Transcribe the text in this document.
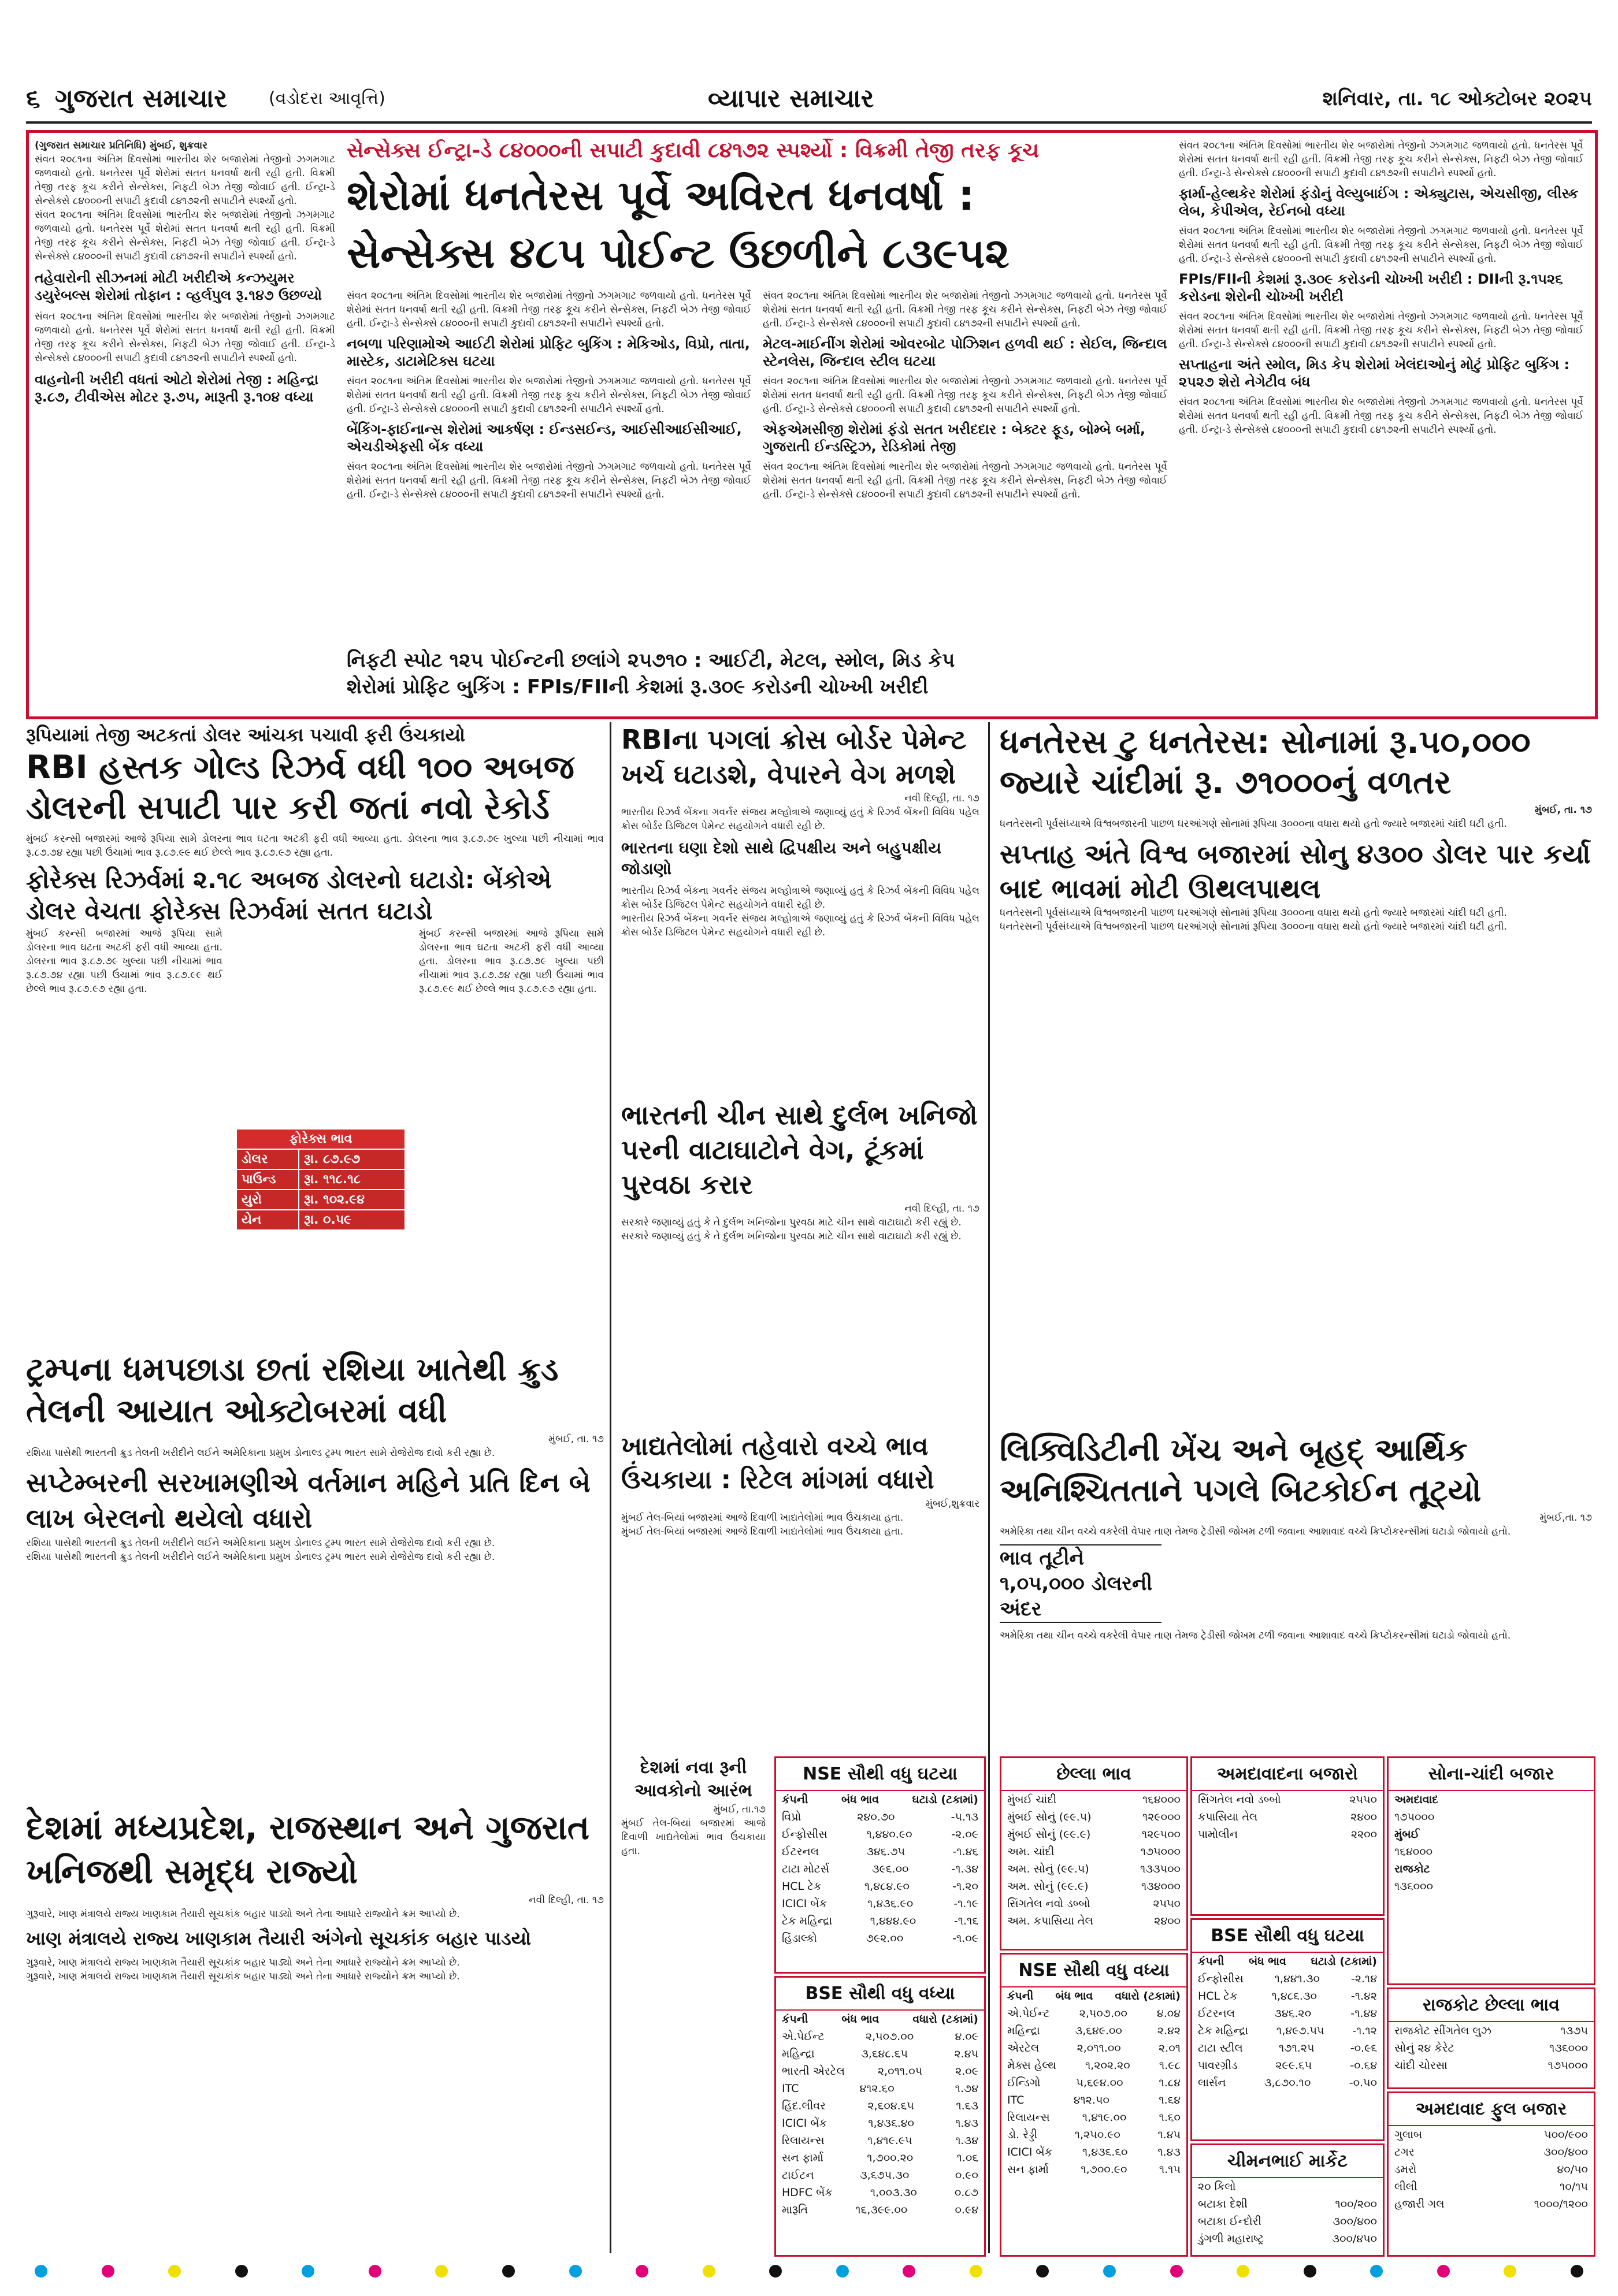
૬ ગુજરાત સમાચાર (વડોદરા આવૃત્તિ)	વ્યાપાર સમાચાર	શનિવાર, તા. ૧૮ ઓક્ટોબર ૨૦૨૫
(ગુજરાત સમાચાર પ્રતિનિધિ) મુંબઈ, શુક્રવાર
સંવત ૨૦૮૧ના અંતિમ દિવસોમાં ભારતીય શેર બજારોમાં તેજીનો ઝગમગાટ જળવાયો હતો. ધનતેરસ પૂર્વે શેરોમાં સતત ધનવર્ષા થતી રહી હતી. વિક્રમી તેજી તરફ કૂચ કરીને સેન્સેક્સ, નિફટી બેઝ તેજી જોવાઈ હતી. ઈન્ટ્રા-ડે સેન્સેક્સે ૮૪૦૦૦ની સપાટી કુદાવી ૮૪૧૭૨ની સપાટીને સ્પર્શ્યો હતો.
સંવત ૨૦૮૧ના અંતિમ દિવસોમાં ભારતીય શેર બજારોમાં તેજીનો ઝગમગાટ જળવાયો હતો. ધનતેરસ પૂર્વે શેરોમાં સતત ધનવર્ષા થતી રહી હતી. વિક્રમી તેજી તરફ કૂચ કરીને સેન્સેક્સ, નિફટી બેઝ તેજી જોવાઈ હતી. ઈન્ટ્રા-ડે સેન્સેક્સે ૮૪૦૦૦ની સપાટી કુદાવી ૮૪૧૭૨ની સપાટીને સ્પર્શ્યો હતો.
તહેવારોની સીઝનમાં મોટી ખરીદીએ કન્ઝયુમર ડયુરેબલ્સ શેરોમાં તોફાન : વ્હર્લપુલ રૂ.૧૪૭ ઉછળ્યો
સંવત ૨૦૮૧ના અંતિમ દિવસોમાં ભારતીય શેર બજારોમાં તેજીનો ઝગમગાટ જળવાયો હતો. ધનતેરસ પૂર્વે શેરોમાં સતત ધનવર્ષા થતી રહી હતી. વિક્રમી તેજી તરફ કૂચ કરીને સેન્સેક્સ, નિફટી બેઝ તેજી જોવાઈ હતી. ઈન્ટ્રા-ડે સેન્સેક્સે ૮૪૦૦૦ની સપાટી કુદાવી ૮૪૧૭૨ની સપાટીને સ્પર્શ્યો હતો.
વાહનોની ખરીદી વધતાં ઓટો શેરોમાં તેજી : મહિન્દ્રા રૂ.૮૭, ટીવીએસ મોટર રૂ.૭૫, મારૂતી રૂ.૧૦૪ વધ્યા
સેન્સેક્સ ઈન્ટ્રા-ડે ૮૪૦૦૦ની સપાટી કુદાવી ૮૪૧૭૨ સ્પર્શ્યો : વિક્રમી તેજી તરફ કૂચ
શેરોમાં ધનતેરસ પૂર્વે અવિરત ધનવર્ષા :
સેન્સેક્સ ૪૮૫ પોઈન્ટ ઉછળીને ૮૩૯૫૨
સંવત ૨૦૮૧ના અંતિમ દિવસોમાં ભારતીય શેર બજારોમાં તેજીનો ઝગમગાટ જળવાયો હતો. ધનતેરસ પૂર્વે શેરોમાં સતત ધનવર્ષા થતી રહી હતી. વિક્રમી તેજી તરફ કૂચ કરીને સેન્સેક્સ, નિફટી બેઝ તેજી જોવાઈ હતી. ઈન્ટ્રા-ડે સેન્સેક્સે ૮૪૦૦૦ની સપાટી કુદાવી ૮૪૧૭૨ની સપાટીને સ્પર્શ્યો હતો.
નબળા પરિણામોએ આઈટી શેરોમાં પ્રોફિટ બુકિંગ : મેકિઓડ, વિપ્રો, તાતા, માસ્ટેક, ડાટામેટિક્સ ઘટયા
સંવત ૨૦૮૧ના અંતિમ દિવસોમાં ભારતીય શેર બજારોમાં તેજીનો ઝગમગાટ જળવાયો હતો. ધનતેરસ પૂર્વે શેરોમાં સતત ધનવર્ષા થતી રહી હતી. વિક્રમી તેજી તરફ કૂચ કરીને સેન્સેક્સ, નિફટી બેઝ તેજી જોવાઈ હતી. ઈન્ટ્રા-ડે સેન્સેક્સે ૮૪૦૦૦ની સપાટી કુદાવી ૮૪૧૭૨ની સપાટીને સ્પર્શ્યો હતો.
બેંકિંગ-ફાઈનાન્સ શેરોમાં આકર્ષણ : ઈન્ડસઈન્ડ, આઈસીઆઈસીઆઈ, એચડીએફસી બેંક વધ્યા
સંવત ૨૦૮૧ના અંતિમ દિવસોમાં ભારતીય શેર બજારોમાં તેજીનો ઝગમગાટ જળવાયો હતો. ધનતેરસ પૂર્વે શેરોમાં સતત ધનવર્ષા થતી રહી હતી. વિક્રમી તેજી તરફ કૂચ કરીને સેન્સેક્સ, નિફટી બેઝ તેજી જોવાઈ હતી. ઈન્ટ્રા-ડે સેન્સેક્સે ૮૪૦૦૦ની સપાટી કુદાવી ૮૪૧૭૨ની સપાટીને સ્પર્શ્યો હતો.
સંવત ૨૦૮૧ના અંતિમ દિવસોમાં ભારતીય શેર બજારોમાં તેજીનો ઝગમગાટ જળવાયો હતો. ધનતેરસ પૂર્વે શેરોમાં સતત ધનવર્ષા થતી રહી હતી. વિક્રમી તેજી તરફ કૂચ કરીને સેન્સેક્સ, નિફટી બેઝ તેજી જોવાઈ હતી. ઈન્ટ્રા-ડે સેન્સેક્સે ૮૪૦૦૦ની સપાટી કુદાવી ૮૪૧૭૨ની સપાટીને સ્પર્શ્યો હતો.
મેટલ-માઈનીંગ શેરોમાં ઓવરબોટ પોઝિશન હળવી થઈ : સેઈલ, જિન્દાલ સ્ટેનલેસ, જિન્દાલ સ્ટીલ ઘટયા
સંવત ૨૦૮૧ના અંતિમ દિવસોમાં ભારતીય શેર બજારોમાં તેજીનો ઝગમગાટ જળવાયો હતો. ધનતેરસ પૂર્વે શેરોમાં સતત ધનવર્ષા થતી રહી હતી. વિક્રમી તેજી તરફ કૂચ કરીને સેન્સેક્સ, નિફટી બેઝ તેજી જોવાઈ હતી. ઈન્ટ્રા-ડે સેન્સેક્સે ૮૪૦૦૦ની સપાટી કુદાવી ૮૪૧૭૨ની સપાટીને સ્પર્શ્યો હતો.
એફએમસીજી શેરોમાં ફંડો સતત ખરીદદાર : બેક્ટર ફૂડ, બોમ્બે બર્મા, ગુજરાતી ઈન્ડસ્ટ્રિઝ, રેડિકોમાં તેજી
સંવત ૨૦૮૧ના અંતિમ દિવસોમાં ભારતીય શેર બજારોમાં તેજીનો ઝગમગાટ જળવાયો હતો. ધનતેરસ પૂર્વે શેરોમાં સતત ધનવર્ષા થતી રહી હતી. વિક્રમી તેજી તરફ કૂચ કરીને સેન્સેક્સ, નિફટી બેઝ તેજી જોવાઈ હતી. ઈન્ટ્રા-ડે સેન્સેક્સે ૮૪૦૦૦ની સપાટી કુદાવી ૮૪૧૭૨ની સપાટીને સ્પર્શ્યો હતો.
નિફટી સ્પોટ ૧૨૫ પોઈન્ટની છલાંગે ૨૫૭૧૦ : આઈટી, મેટલ, સ્મોલ, મિડ કેપ
શેરોમાં પ્રોફિટ બુકિંગ : FPIs/FIIની કેશમાં રૂ.૩૦૯ કરોડની ચોખ્ખી ખરીદી
સંવત ૨૦૮૧ના અંતિમ દિવસોમાં ભારતીય શેર બજારોમાં તેજીનો ઝગમગાટ જળવાયો હતો. ધનતેરસ પૂર્વે શેરોમાં સતત ધનવર્ષા થતી રહી હતી. વિક્રમી તેજી તરફ કૂચ કરીને સેન્સેક્સ, નિફટી બેઝ તેજી જોવાઈ હતી. ઈન્ટ્રા-ડે સેન્સેક્સે ૮૪૦૦૦ની સપાટી કુદાવી ૮૪૧૭૨ની સપાટીને સ્પર્શ્યો હતો.
ફાર્મા-હેલ્થકેર શેરોમાં ફંડોનું વેલ્યુબાઈંગ : એક્યુટાસ, એચસીજી, લીસ્ક લેબ, કેપીએલ, રેઈનબો વધ્યા
સંવત ૨૦૮૧ના અંતિમ દિવસોમાં ભારતીય શેર બજારોમાં તેજીનો ઝગમગાટ જળવાયો હતો. ધનતેરસ પૂર્વે શેરોમાં સતત ધનવર્ષા થતી રહી હતી. વિક્રમી તેજી તરફ કૂચ કરીને સેન્સેક્સ, નિફટી બેઝ તેજી જોવાઈ હતી. ઈન્ટ્રા-ડે સેન્સેક્સે ૮૪૦૦૦ની સપાટી કુદાવી ૮૪૧૭૨ની સપાટીને સ્પર્શ્યો હતો.
FPIs/FIIની કેશમાં રૂ.૩૦૯ કરોડની ચોખ્ખી ખરીદી : DIIની રૂ.૧૫૨૬ કરોડના શેરોની ચોખ્ખી ખરીદી
સંવત ૨૦૮૧ના અંતિમ દિવસોમાં ભારતીય શેર બજારોમાં તેજીનો ઝગમગાટ જળવાયો હતો. ધનતેરસ પૂર્વે શેરોમાં સતત ધનવર્ષા થતી રહી હતી. વિક્રમી તેજી તરફ કૂચ કરીને સેન્સેક્સ, નિફટી બેઝ તેજી જોવાઈ હતી. ઈન્ટ્રા-ડે સેન્સેક્સે ૮૪૦૦૦ની સપાટી કુદાવી ૮૪૧૭૨ની સપાટીને સ્પર્શ્યો હતો.
સપ્તાહના અંતે સ્મોલ, મિડ કેપ શેરોમાં ખેલંદાઓનું મોટું પ્રોફિટ બુકિંગ : ૨૫૨૭ શેરો નેગેટીવ બંધ
સંવત ૨૦૮૧ના અંતિમ દિવસોમાં ભારતીય શેર બજારોમાં તેજીનો ઝગમગાટ જળવાયો હતો. ધનતેરસ પૂર્વે શેરોમાં સતત ધનવર્ષા થતી રહી હતી. વિક્રમી તેજી તરફ કૂચ કરીને સેન્સેક્સ, નિફટી બેઝ તેજી જોવાઈ હતી. ઈન્ટ્રા-ડે સેન્સેક્સે ૮૪૦૦૦ની સપાટી કુદાવી ૮૪૧૭૨ની સપાટીને સ્પર્શ્યો હતો.
રૂપિયામાં તેજી અટકતાં ડોલર આંચકા પચાવી ફરી ઉંચકાયો
RBI હસ્તક ગોલ્ડ રિઝર્વ વધી ૧૦૦ અબજ ડોલરની સપાટી પાર કરી જતાં નવો રેકોર્ડ
મુંબઈ કરન્સી બજારમાં આજે રૂપિયા સામે ડોલરના ભાવ ઘટતા અટકી ફરી વધી આવ્યા હતા. ડોલરના ભાવ રૂ.૮૭.૭૯ ખુલ્યા પછી નીચામાં ભાવ રૂ.૮૭.૭૪ રહ્યા પછી ઉંચામાં ભાવ રૂ.૮૭.૯૯ થઈ છેલ્લે ભાવ રૂ.૮૭.૯૭ રહ્યા હતા.
ફોરેક્સ રિઝર્વમાં ૨.૧૮ અબજ ડોલરનો ઘટાડો: બેંકોએ ડોલર વેચતા ફોરેક્સ રિઝર્વમાં સતત ઘટાડો
મુંબઈ કરન્સી બજારમાં આજે રૂપિયા સામે ડોલરના ભાવ ઘટતા અટકી ફરી વધી આવ્યા હતા. ડોલરના ભાવ રૂ.૮૭.૭૯ ખુલ્યા પછી નીચામાં ભાવ રૂ.૮૭.૭૪ રહ્યા પછી ઉંચામાં ભાવ રૂ.૮૭.૯૯ થઈ છેલ્લે ભાવ રૂ.૮૭.૯૭ રહ્યા હતા.
મુંબઈ કરન્સી બજારમાં આજે રૂપિયા સામે ડોલરના ભાવ ઘટતા અટકી ફરી વધી આવ્યા હતા. ડોલરના ભાવ રૂ.૮૭.૭૯ ખુલ્યા પછી નીચામાં ભાવ રૂ.૮૭.૭૪ રહ્યા પછી ઉંચામાં ભાવ રૂ.૮૭.૯૯ થઈ છેલ્લે ભાવ રૂ.૮૭.૯૭ રહ્યા હતા.
ફોરેક્સ ભાવ
ડોલર	રૂા. ૮૭.૯૭
પાઉન્ડ	રૂા. ૧૧૮.૧૮
યુરો	રૂા. ૧૦૨.૯૪
યેન	રૂા. ૦.૫૯
RBIના પગલાં ક્રોસ બોર્ડર પેમેન્ટ ખર્ચ ઘટાડશે, વેપારને વેગ મળશે
નવી દિલ્હી, તા. ૧૭
ભારતીય રિઝર્વ બેંકના ગવર્નર સંજય મલ્હોત્રાએ જણાવ્યું હતું કે રિઝર્વ બેંકની વિવિધ પહેલ ક્રોસ બોર્ડર ડિજિટલ પેમેન્ટ સહયોગને વધારી રહી છે.
ભારતના ઘણા દેશો સાથે દ્વિપક્ષીય અને બહુપક્ષીય જોડાણો
ભારતીય રિઝર્વ બેંકના ગવર્નર સંજય મલ્હોત્રાએ જણાવ્યું હતું કે રિઝર્વ બેંકની વિવિધ પહેલ ક્રોસ બોર્ડર ડિજિટલ પેમેન્ટ સહયોગને વધારી રહી છે.
ભારતીય રિઝર્વ બેંકના ગવર્નર સંજય મલ્હોત્રાએ જણાવ્યું હતું કે રિઝર્વ બેંકની વિવિધ પહેલ ક્રોસ બોર્ડર ડિજિટલ પેમેન્ટ સહયોગને વધારી રહી છે.
ભારતની ચીન સાથે દુર્લભ ખનિજો પરની વાટાઘાટોને વેગ, ટૂંકમાં પુરવઠા કરાર
નવી દિલ્હી, તા. ૧૭
સરકારે જણાવ્યું હતું કે તે દુર્લભ ખનિજોના પુરવઠા માટે ચીન સાથે વાટાઘાટો કરી રહ્યું છે.
સરકારે જણાવ્યું હતું કે તે દુર્લભ ખનિજોના પુરવઠા માટે ચીન સાથે વાટાઘાટો કરી રહ્યું છે.
ધનતેરસ ટુ ધનતેરસ: સોનામાં રૂ.૫૦,૦૦૦ જ્યારે ચાંદીમાં રૂ. ૭૧૦૦૦નું વળતર
મુંબઈ, તા. ૧૭
ધનતેરસની પૂર્વસંધ્યાએ વિશ્વબજારની પાછળ ઘરઆંગણે સોનામાં રૂપિયા ૩૦૦૦ના વધારા થયો હતો જ્યારે બજારમાં ચાંદી ઘટી હતી.
સપ્તાહ અંતે વિશ્વ બજારમાં સોનુ ૪૩૦૦ ડોલર પાર કર્યા બાદ ભાવમાં મોટી ઊથલપાથલ
ધનતેરસની પૂર્વસંધ્યાએ વિશ્વબજારની પાછળ ઘરઆંગણે સોનામાં રૂપિયા ૩૦૦૦ના વધારા થયો હતો જ્યારે બજારમાં ચાંદી ઘટી હતી.
ધનતેરસની પૂર્વસંધ્યાએ વિશ્વબજારની પાછળ ઘરઆંગણે સોનામાં રૂપિયા ૩૦૦૦ના વધારા થયો હતો જ્યારે બજારમાં ચાંદી ઘટી હતી.
ટ્રમ્પના ધમપછાડા છતાં રશિયા ખાતેથી ક્રુડ તેલની આયાત ઓક્ટોબરમાં વધી
મુંબઈ, તા. ૧૭
રશિયા પાસેથી ભારતની ક્રુડ તેલની ખરીદીને લઈને અમેરિકાના પ્રમુખ ડોનાલ્ડ ટ્રમ્પ ભારત સામે રોજેરોજ દાવો કરી રહ્યા છે.
સપ્ટેમ્બરની સરખામણીએ વર્તમાન મહિને પ્રતિ દિન બે લાખ બેરલનો થયેલો વધારો
રશિયા પાસેથી ભારતની ક્રુડ તેલની ખરીદીને લઈને અમેરિકાના પ્રમુખ ડોનાલ્ડ ટ્રમ્પ ભારત સામે રોજેરોજ દાવો કરી રહ્યા છે.
રશિયા પાસેથી ભારતની ક્રુડ તેલની ખરીદીને લઈને અમેરિકાના પ્રમુખ ડોનાલ્ડ ટ્રમ્પ ભારત સામે રોજેરોજ દાવો કરી રહ્યા છે.
ખાદ્યતેલોમાં તહેવારો વચ્ચે ભાવ ઉંચકાયા : રિટેલ માંગમાં વધારો
મુંબઈ,શુક્રવાર
મુંબઈ તેલ-બિયાં બજારમાં આજે દિવાળી ખાદ્યતેલોમાં ભાવ ઉંચકાયા હતા.
મુંબઈ તેલ-બિયાં બજારમાં આજે દિવાળી ખાદ્યતેલોમાં ભાવ ઉંચકાયા હતા.
લિક્વિડિટીની ખેંચ અને બૃહદ્ આર્થિક અનિશ્ચિતતાને પગલે બિટકોઈન તૂટ્યો
મુંબઈ,તા. ૧૭
અમેરિકા તથા ચીન વચ્ચે વકરેલી વેપાર તાણ તેમજ ટ્રેડીસી જોખમ ટળી જવાના આશાવાદ વચ્ચે ક્રિપ્ટોકરન્સીમાં ઘટાડો જોવાયો હતો.
ભાવ તૂટીને ૧,૦૫,૦૦૦ ડોલરની અંદર
અમેરિકા તથા ચીન વચ્ચે વકરેલી વેપાર તાણ તેમજ ટ્રેડીસી જોખમ ટળી જવાના આશાવાદ વચ્ચે ક્રિપ્ટોકરન્સીમાં ઘટાડો જોવાયો હતો.
દેશમાં મધ્યપ્રદેશ, રાજસ્થાન અને ગુજરાત ખનિજથી સમૃદ્ધ રાજ્યો
નવી દિલ્હી, તા. ૧૭
ગુરૂવારે, ખાણ મંત્રાલયે રાજ્ય ખાણકામ તૈયારી સૂચકાંક બહાર પાડ્યો અને તેના આધારે રાજ્યોને ક્રમ આપ્યો છે.
ખાણ મંત્રાલયે રાજ્ય ખાણકામ તૈયારી અંગેનો સૂચકાંક બહાર પાડયો
ગુરૂવારે, ખાણ મંત્રાલયે રાજ્ય ખાણકામ તૈયારી સૂચકાંક બહાર પાડ્યો અને તેના આધારે રાજ્યોને ક્રમ આપ્યો છે.
ગુરૂવારે, ખાણ મંત્રાલયે રાજ્ય ખાણકામ તૈયારી સૂચકાંક બહાર પાડ્યો અને તેના આધારે રાજ્યોને ક્રમ આપ્યો છે.
NSE સૌથી વધુ ઘટયા
કંપની	બંધ ભાવ	ઘટાડો (ટકામાં)
વિપ્રો	૨૪૦.૭૦	-૫.૧૩
ઈન્ફોસીસ	૧,૪૪૦.૯૦	-૨.૦૯
ઈટરનલ	૩૪૬.૭૫	-૧.૪૬
ટાટા મોટર્સ	૩૯૬.૦૦	-૧.૩૪
HCL ટેક	૧,૪૮૪.૯૦	-૧.૨૦
ICICI બેંક	૧,૪૩૬.૯૦	-૧.૧૯
ટેક મહિન્દ્રા	૧,૪૪૪.૯૦	-૧.૧૬
હિંડાલ્કો	૭૯૨.૦૦	-૧.૦૯
દેશમાં નવા રૂની આવકોનો આરંભ
મુંબઈ, તા.૧૭
મુંબઈ તેલ-બિયાં બજારમાં આજે દિવાળી ખાદ્યતેલોમાં ભાવ ઉંચકાયા હતા.
BSE સૌથી વધુ વધ્યા
કંપની	બંધ ભાવ	વધારો (ટકામાં)
એ.પેઈન્ટ	૨,૫૦૭.૦૦	૪.૦૯
મહિન્દ્રા	૩,૬૪૮.૬૫	૨.૪૫
ભારતી એરટેલ	૨,૦૧૧.૦૫	૨.૦૯
ITC	૪૧૨.૬૦	૧.૭૪
હિંદ.લીવર	૨,૬૦૪.૬૫	૧.૬૩
ICICI બેંક	૧,૪૩૬.૪૦	૧.૪૩
રિલાયન્સ	૧,૪૧૯.૯૫	૧.૩૪
સન ફાર્મા	૧,૭૦૦.૨૦	૧.૦૬
ટાઈટન	૩,૬૭૫.૩૦	૦.૯૦
HDFC બેંક	૧,૦૦૩.૩૦	૦.૮૭
મારૂતિ	૧૬,૩૯૯.૦૦	૦.૯૪
છેલ્લા ભાવ
મુંબઈ ચાંદી	૧૬૪૦૦૦
મુંબઈ સોનું (૯૯.૫)	૧૨૯૦૦૦
મુંબઈ સોનું (૯૯.૯)	૧૨૯૫૦૦
અમ. ચાંદી	૧૭૫૦૦૦
અમ. સોનું (૯૯.૫)	૧૩૩૫૦૦
અમ. સોનું (૯૯.૯)	૧૩૪૦૦૦
સિંગતેલ નવો ડબ્બો	૨૫૫૦
અમ. કપાસિયા તેલ	૨૪૦૦
NSE સૌથી વધુ વધ્યા
કંપની બંધ ભાવ વધારો (ટકામાં)
એ.પેઈન્ટ	૨,૫૦૭.૦૦	૪.૦૪
મહિન્દ્રા	૩,૬૪૯.૦૦	૨.૪૨
એરટેલ	૨,૦૧૧.૦૦	૨.૦૧
મેક્સ હેલ્થ	૧,૨૦૨.૨૦	૧.૯૮
ઈન્ડિગો	૫,૬૯૪.૦૦	૧.૮૪
ITC	૪૧૨.૫૦	૧.૬૪
રિલાયન્સ	૧,૪૧૯.૦૦	૧.૬૦
ડો. રેડ્ડી	૧,૨૫૦.૯૦	૧.૪૫
ICICI બેંક	૧,૪૩૬.૬૦	૧.૪૩
સન ફાર્મા	૧,૭૦૦.૯૦	૧.૧૫
અમદાવાદના બજારો
સિંગતેલ નવો ડબ્બો	૨૫૫૦
કપાસિયા તેલ	૨૪૦૦
પામોલીન	૨૨૦૦
BSE સૌથી વધુ ઘટયા
કંપની બંધ ભાવ ઘટાડો (ટકામાં)
ઈન્ફોસીસ	૧,૪૪૧.૩૦	-૨.૧૪
HCL ટેક	૧,૪૮૬.૩૦	-૧.૪૨
ઈટરનલ	૩૪૬.૨૦	-૧.૪૪
ટેક મહિન્દ્રા	૧,૪૯૭.૫૫	-૧.૧૨
ટાટા સ્ટીલ	૧૭૧.૨૫	-૦.૯૬
પાવરગ્રીડ	૨૯૯.૬૫	-૦.૬૪
લાર્સન	૩,૮૭૦.૧૦	-૦.૫૦
ચીમનભાઈ માર્કેટ
૨૦ કિલો
બટાકા દેશી	૧૦૦/૨૦૦
બટાકા ઈન્દોરી	૩૦૦/૪૦૦
ડુંગળી મહારાષ્ટ્ર	૩૦૦/૪૫૦
સોના-ચાંદી બજાર
અમદાવાદ
૧૭૫૦૦૦
મુંબઈ
૧૬૪૦૦૦
રાજકોટ
૧૩૬૦૦૦
રાજકોટ છેલ્લા ભાવ
રાજકોટ સીંગતેલ લુઝ	૧૩૭૫
સોનું ૨૪ કેરેટ	૧૩૬૦૦૦
ચાંદી ચોરસા	૧૭૫૦૦૦
અમદાવાદ ફુલ બજાર
ગુલાબ	૫૦૦/૯૦૦
ટગર	૩૦૦/૪૦૦
ડમરો	૪૦/૫૦
લીલી	૧૦/૧૫
હજારી ગલ	૧૦૦૦/૧૨૦૦
